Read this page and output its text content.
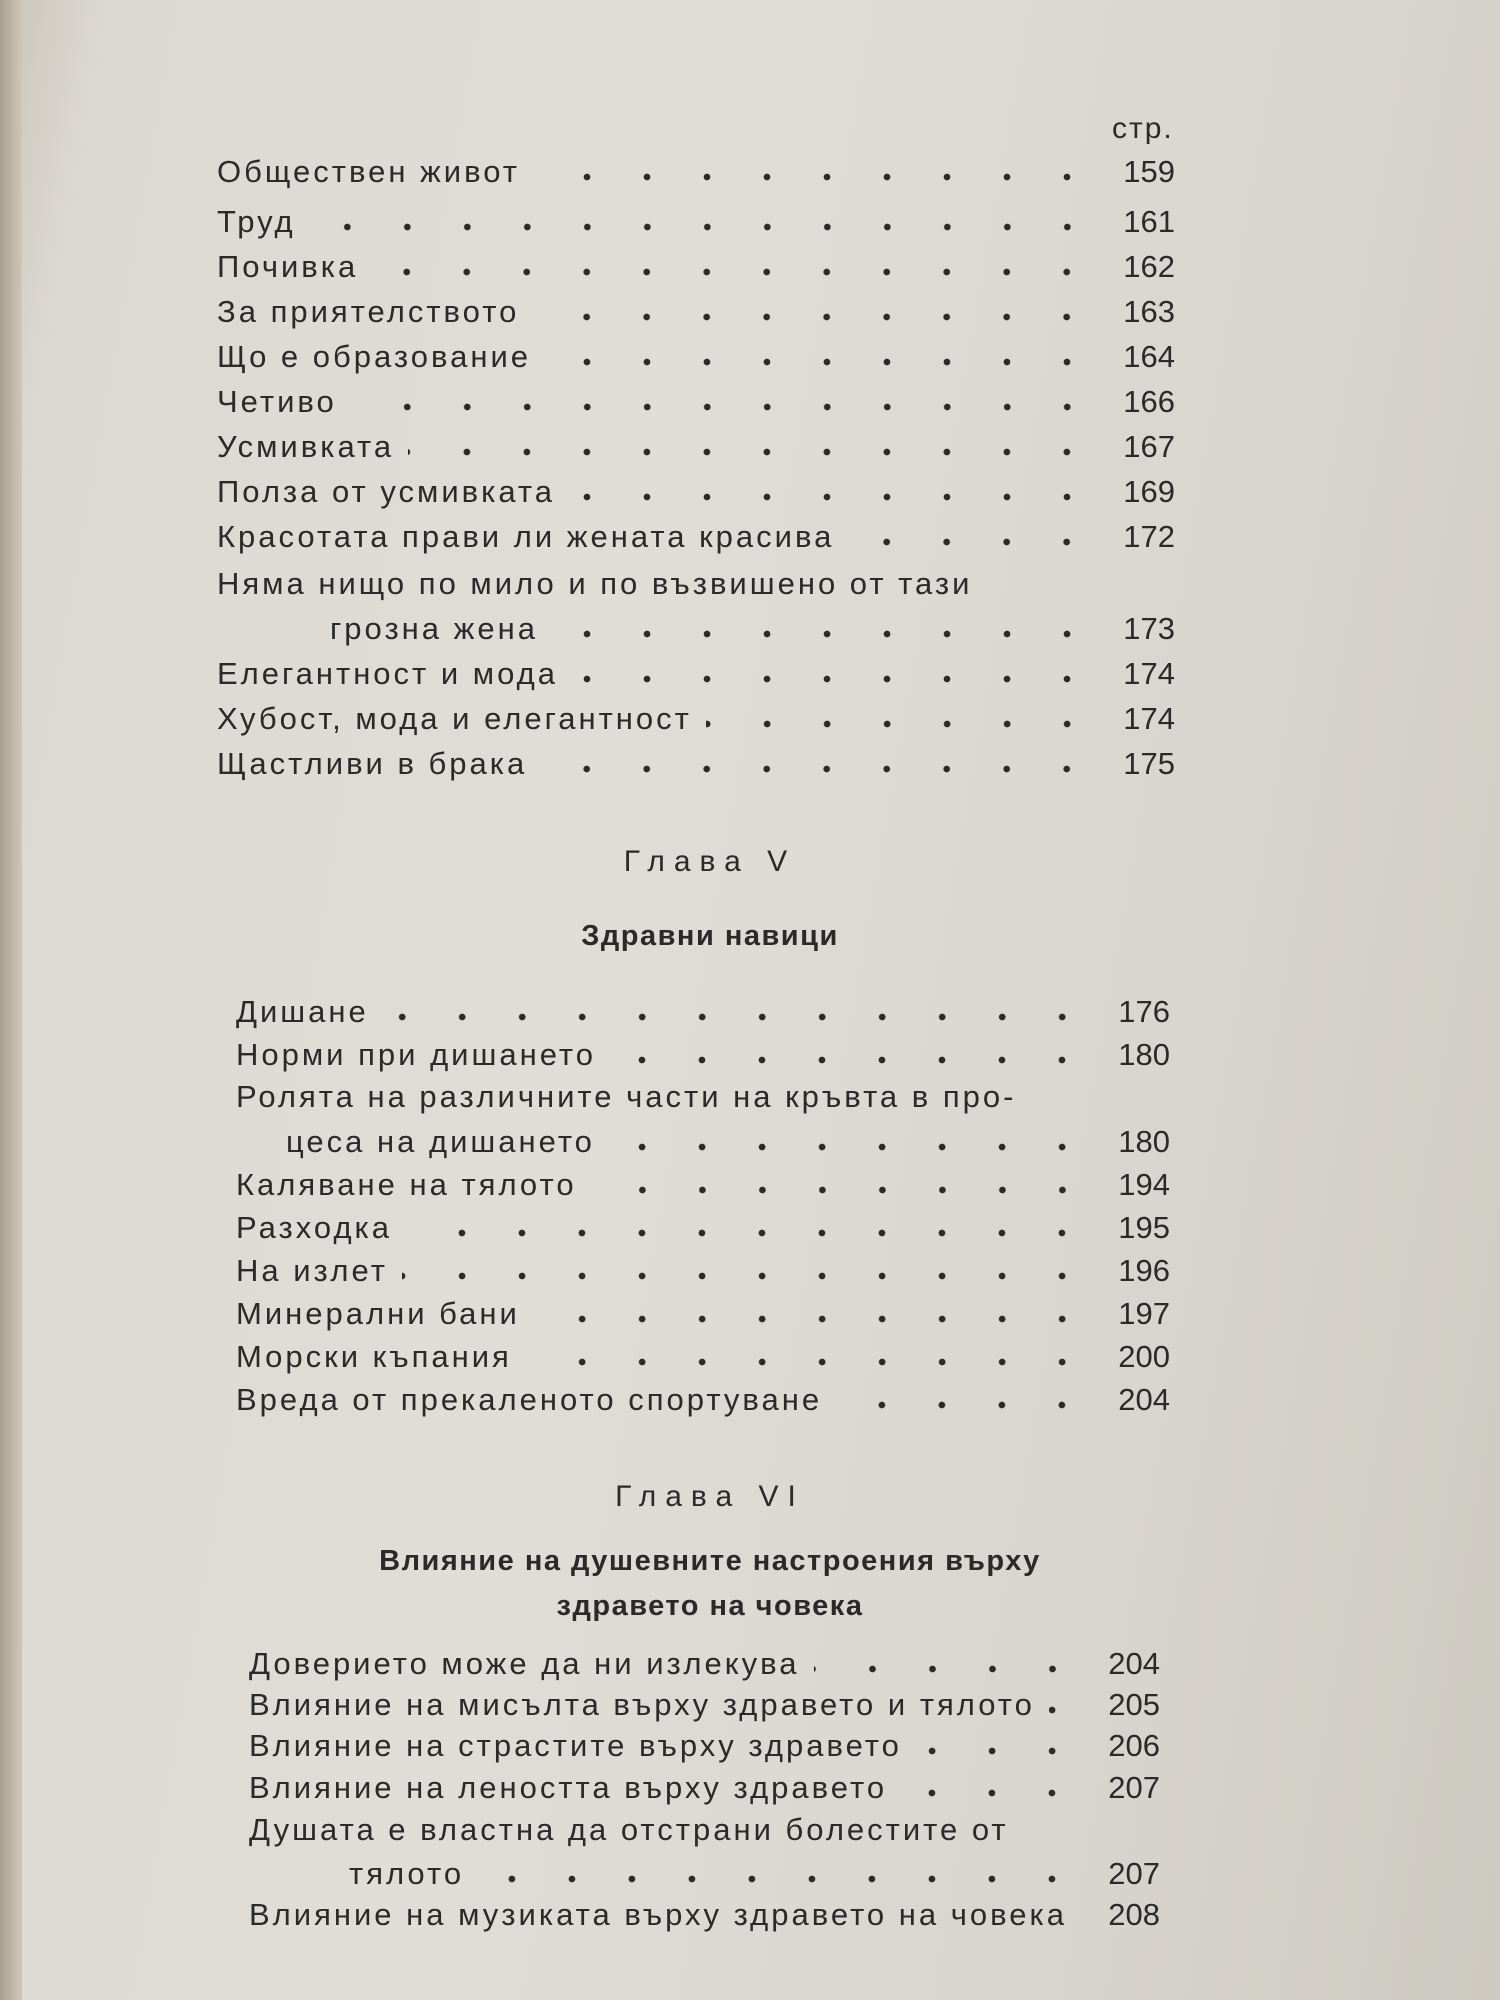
стр.
Глава V
Здравни навици
Глава VI
Влияние на душевните настроения върху
здравето на човека
Обществен живот	159
Труд	161
Почивка	162
За приятелството	163
Що е образование	164
Четиво	166
Усмивката	167
Полза от усмивката	169
Красотата прави ли жената красива	172
Няма нищо по мило и по възвишено от тази
грозна жена	173
Елегантност и мода	174
Хубост, мода и елегантност	174
Щастливи в брака	175
Дишане	176
Норми при дишането	180
Ролята на различните части на кръвта в про-
цеса на дишането	180
Каляване на тялото	194
Разходка	195
На излет	196
Минерални бани	197
Морски къпания	200
Вреда от прекаленото спортуване	204
Доверието може да ни излекува	204
Влияние на мисълта върху здравето и тялото 205
Влияние на страстите върху здравето	206
Влияние на леността върху здравето	207
Душата е властна да отстрани болестите от
тялото	207
Влияние на музиката върху здравето на човека 208
